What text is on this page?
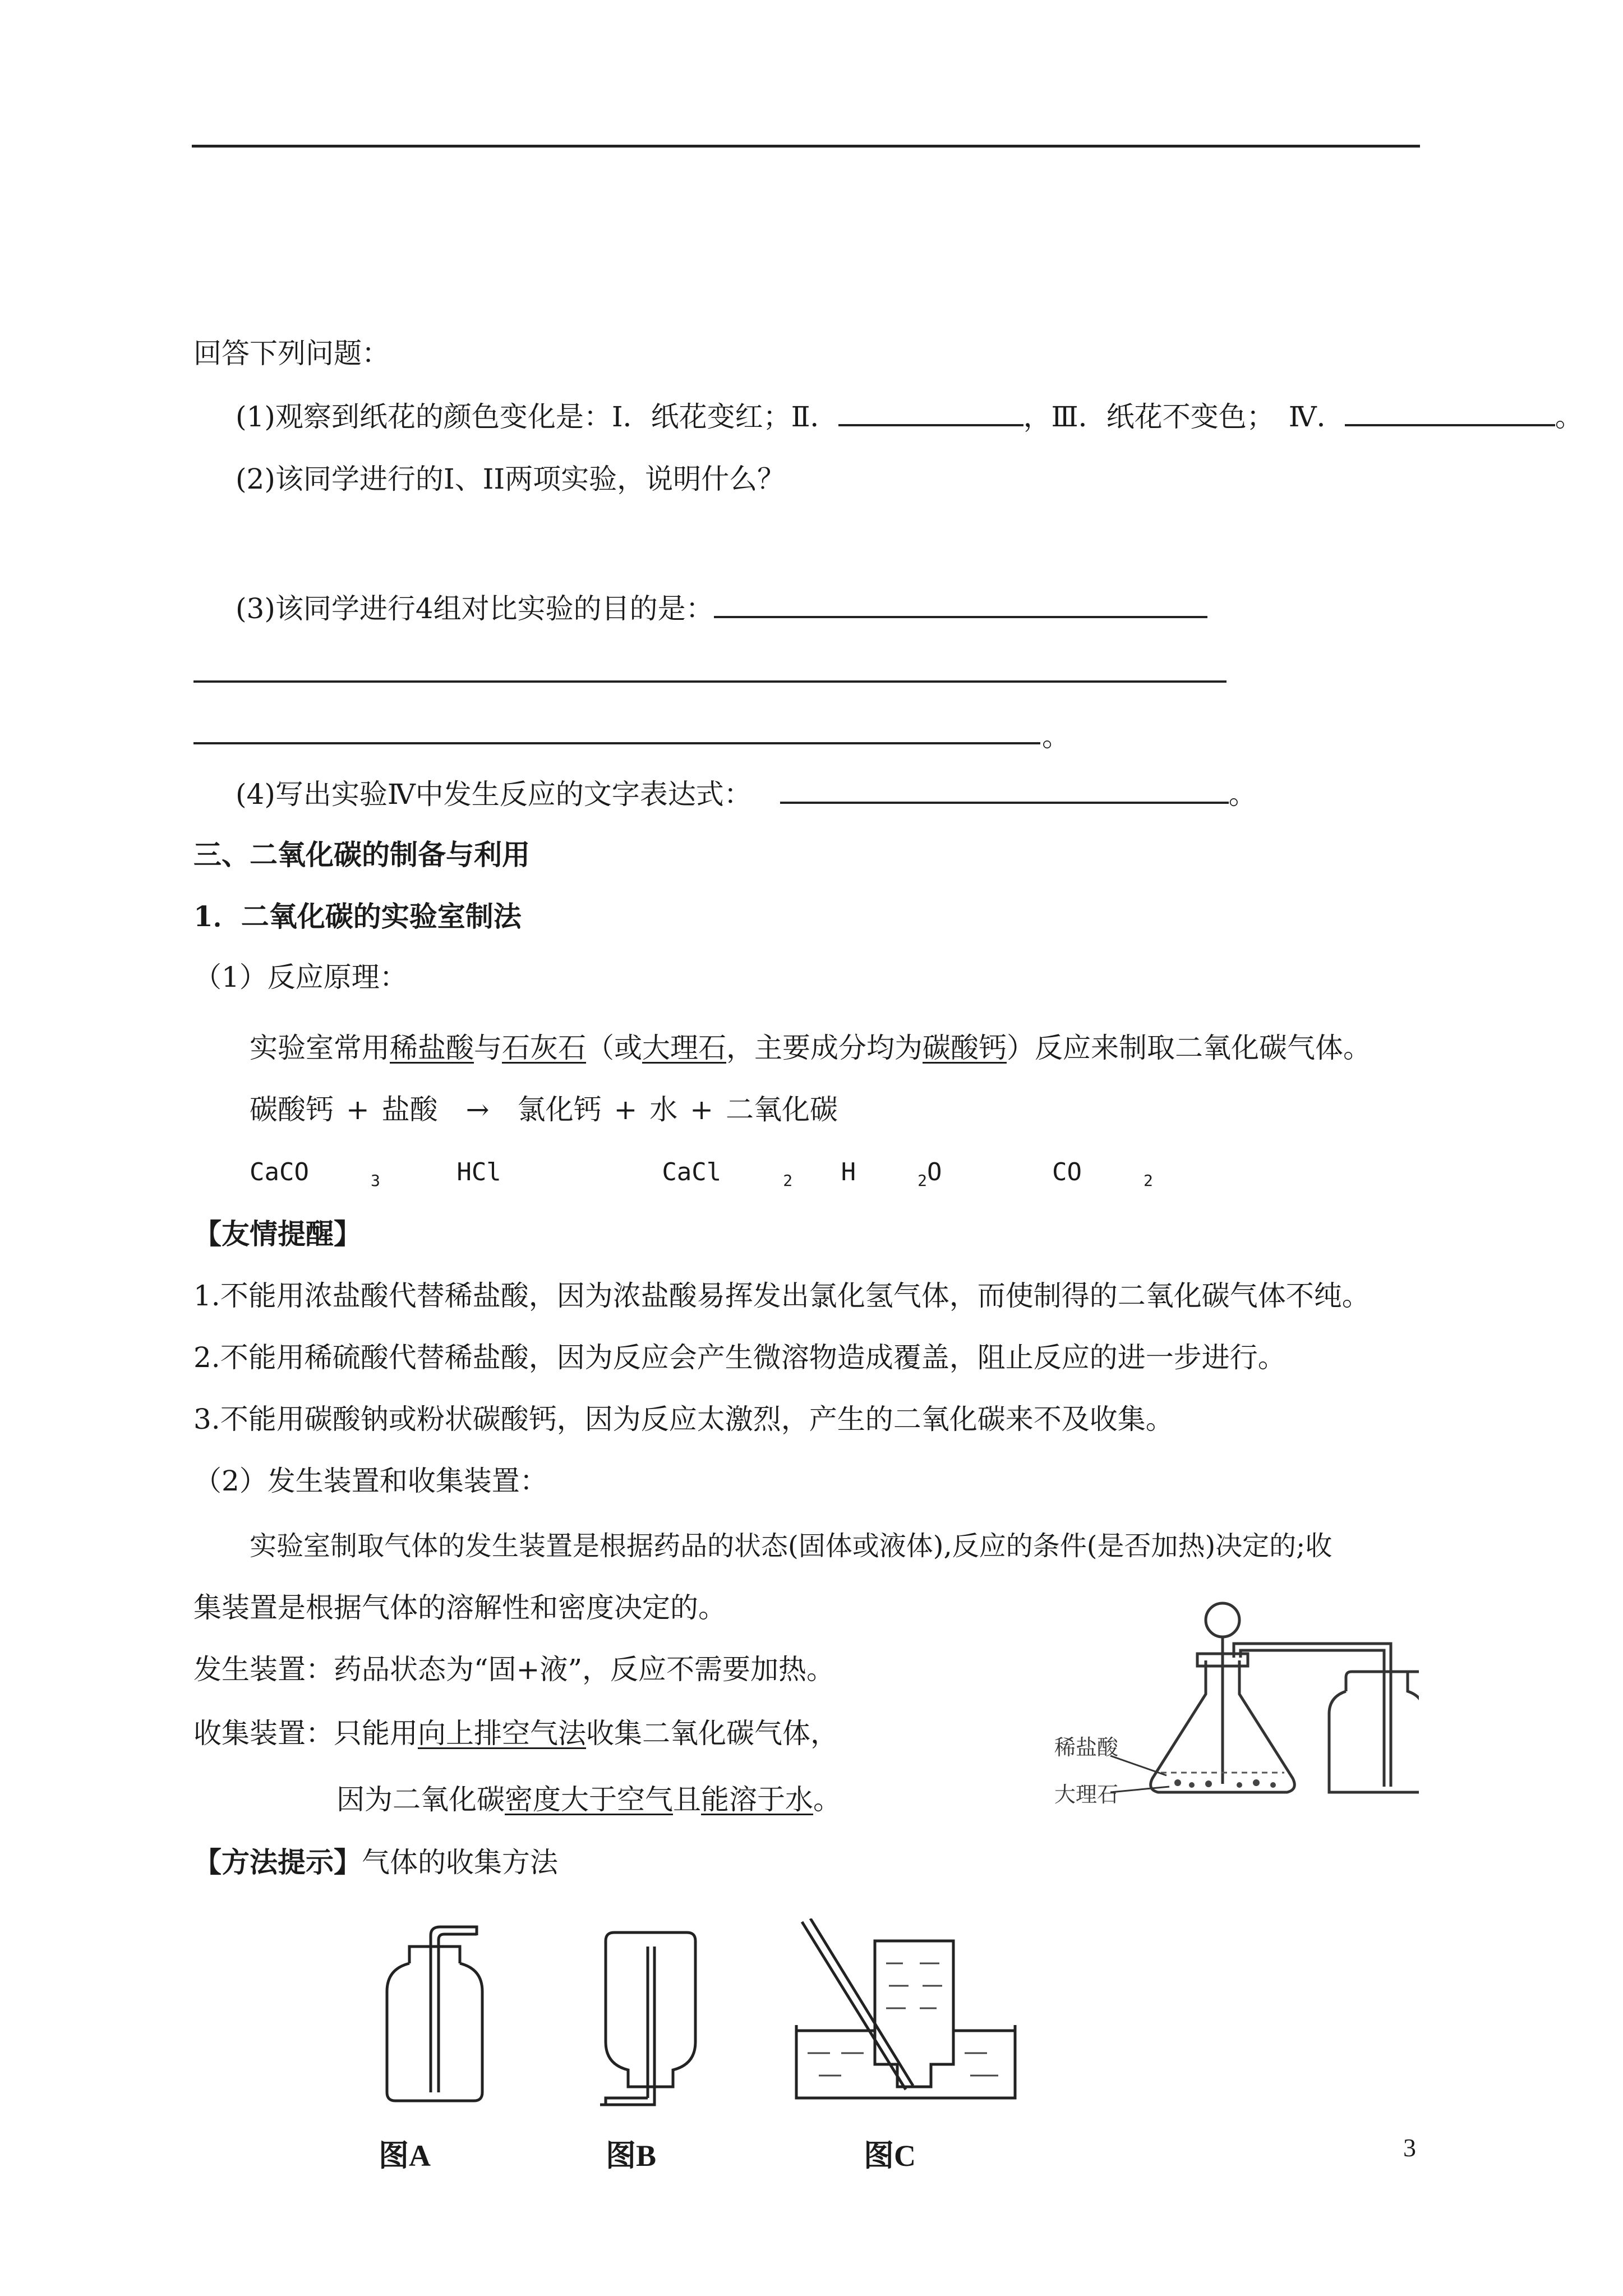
回答下列问题：
(1)观察到纸花的颜色变化是：Ⅰ．纸花变红；Ⅱ．	，Ⅲ．纸花不变色；　Ⅳ．	。
(2)该同学进行的Ⅰ、II两项实验，说明什么？
(3)该同学进行4组对比实验的目的是：
。
(4)写出实验Ⅳ中发生反应的文字表达式：	。
三、二氧化碳的制备与利用
1．二氧化碳的实验室制法
（1）反应原理：
实验室常用稀盐酸与石灰石（或大理石，主要成分均为碳酸钙）反应来制取二氧化碳气体。
碳酸钙 + 盐酸　→　氯化钙 + 水 + 二氧化碳
CaCO	$_3$	HCl	CaCl	$_2$ H	$_2$O	CO	$_2$
【友情提醒】
1.不能用浓盐酸代替稀盐酸，因为浓盐酸易挥发出氯化氢气体，而使制得的二氧化碳气体不纯。
2.不能用稀硫酸代替稀盐酸，因为反应会产生微溶物造成覆盖，阻止反应的进一步进行。
3.不能用碳酸钠或粉状碳酸钙，因为反应太激烈，产生的二氧化碳来不及收集。
（2）发生装置和收集装置：
实验室制取气体的发生装置是根据药品的状态(固体或液体),反应的条件(是否加热)决定的;收
集装置是根据气体的溶解性和密度决定的。
发生装置：药品状态为“固+液”，反应不需要加热。
收集装置：只能用向上排空气法收集二氧化碳气体，
因为二氧化碳密度大于空气且能溶于水。
稀盐酸
大理石
【方法提示】气体的收集方法
图A	图B	图C	3
